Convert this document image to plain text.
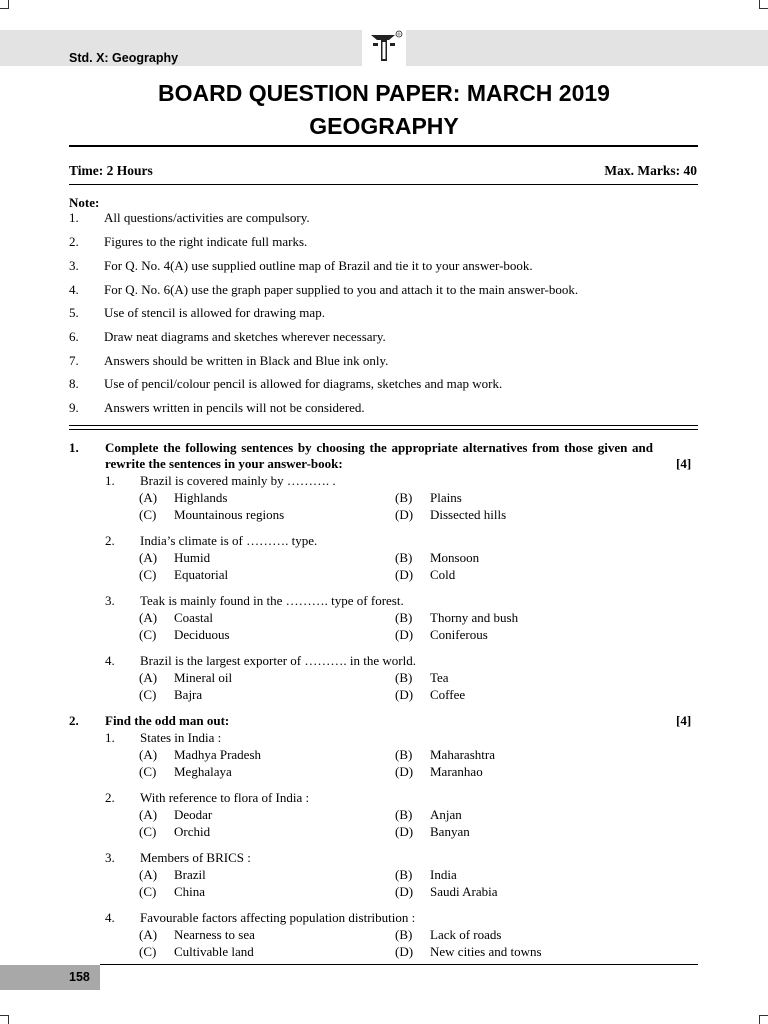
Std. X: Geography
®
BOARD QUESTION PAPER: MARCH 2019
GEOGRAPHY
Time: 2 Hours	Max. Marks: 40
Note:
1. All questions/activities are compulsory.
2. Figures to the right indicate full marks.
3. For Q. No. 4(A) use supplied outline map of Brazil and tie it to your answer-book.
4. For Q. No. 6(A) use the graph paper supplied to you and attach it to the main answer-book.
5. Use of stencil is allowed for drawing map.
6. Draw neat diagrams and sketches wherever necessary.
7. Answers should be written in Black and Blue ink only.
8. Use of pencil/colour pencil is allowed for diagrams, sketches and map work.
9. Answers written in pencils will not be considered.
1. Complete the following sentences by choosing the appropriate alternatives from those given and rewrite the sentences in your answer-book:	[4]
1. Brazil is covered mainly by ………. .
(A) Highlands	(B) Plains
(C) Mountainous regions	(D) Dissected hills
2. India’s climate is of ………. type.
(A) Humid	(B) Monsoon
(C) Equatorial	(D) Cold
3. Teak is mainly found in the ………. type of forest.
(A) Coastal	(B) Thorny and bush
(C) Deciduous	(D) Coniferous
4. Brazil is the largest exporter of ………. in the world.
(A) Mineral oil	(B) Tea
(C) Bajra	(D) Coffee
2. Find the odd man out:	[4]
1. States in India :
(A) Madhya Pradesh	(B) Maharashtra
(C) Meghalaya	(D) Maranhao
2. With reference to flora of India :
(A) Deodar	(B) Anjan
(C) Orchid	(D) Banyan
3. Members of BRICS :
(A) Brazil	(B) India
(C) China	(D) Saudi Arabia
4. Favourable factors affecting population distribution :
(A) Nearness to sea	(B) Lack of roads
(C) Cultivable land	(D) New cities and towns
158
